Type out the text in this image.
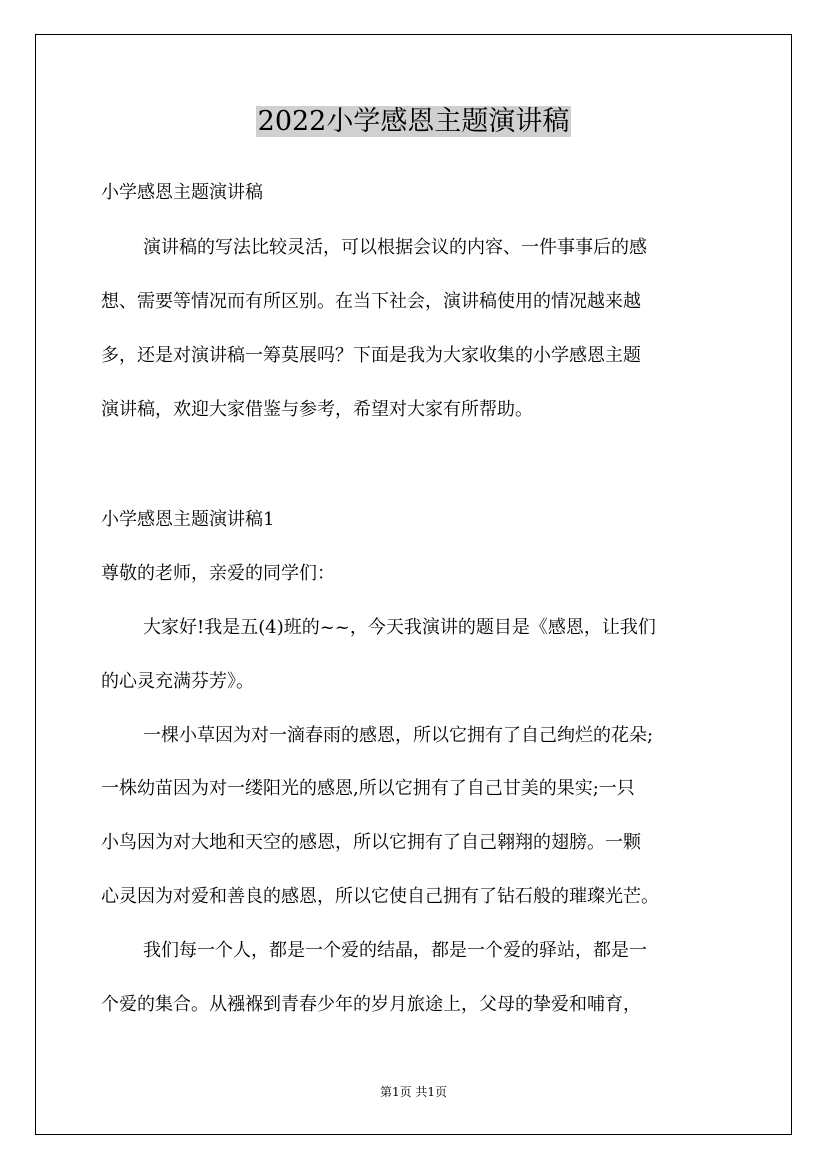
2022小学感恩主题演讲稿
小学感恩主题演讲稿
演讲稿的写法比较灵活，可以根据会议的内容、一件事事后的感
想、需要等情况而有所区别。在当下社会，演讲稿使用的情况越来越
多，还是对演讲稿一筹莫展吗？下面是我为大家收集的小学感恩主题
演讲稿，欢迎大家借鉴与参考，希望对大家有所帮助。
小学感恩主题演讲稿1
尊敬的老师，亲爱的同学们：
大家好!我是五(4)班的~~，今天我演讲的题目是《感恩，让我们
的心灵充满芬芳》。
一棵小草因为对一滴春雨的感恩，所以它拥有了自己绚烂的花朵;
一株幼苗因为对一缕阳光的感恩,所以它拥有了自己甘美的果实;一只
小鸟因为对大地和天空的感恩，所以它拥有了自己翱翔的翅膀。一颗
心灵因为对爱和善良的感恩，所以它使自己拥有了钻石般的璀璨光芒。
我们每一个人，都是一个爱的结晶，都是一个爱的驿站，都是一
个爱的集合。从襁褓到青春少年的岁月旅途上，父母的挚爱和哺育，
第1页 共1页
